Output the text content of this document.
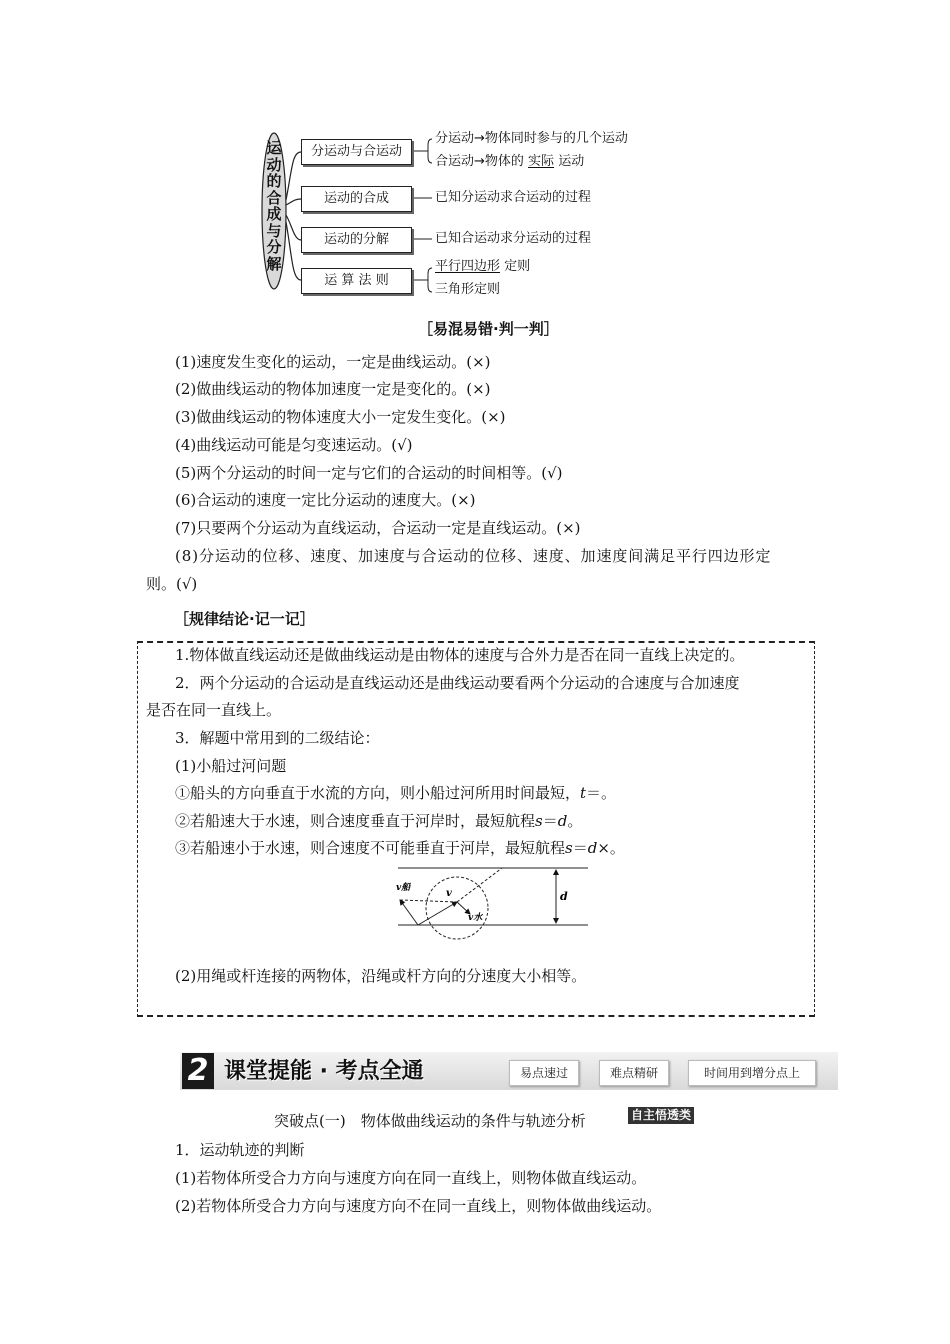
运动的合成与分解
分运动与合运动
分运动→物体同时参与的几个运动
合运动→物体的 实际 运动
运动的合成	已知分运动求合运动的过程
运动的分解	已知合运动求分运动的过程
运 算 法 则
平行四边形 定则
三角形定则
［易混易错·判一判］
(1)速度发生变化的运动，一定是曲线运动。(×)
(2)做曲线运动的物体加速度一定是变化的。(×)
(3)做曲线运动的物体速度大小一定发生变化。(×)
(4)曲线运动可能是匀变速运动。(√)
(5)两个分运动的时间一定与它们的合运动的时间相等。(√)
(6)合运动的速度一定比分运动的速度大。(×)
(7)只要两个分运动为直线运动，合运动一定是直线运动。(×)
(8)分运动的位移、速度、加速度与合运动的位移、速度、加速度间满足平行四边形定
则。(√)
［规律结论·记一记］
1.物体做直线运动还是做曲线运动是由物体的速度与合外力是否在同一直线上决定的。
2．两个分运动的合运动是直线运动还是曲线运动要看两个分运动的合速度与合加速度
是否在同一直线上。
3．解题中常用到的二级结论：
(1)小船过河问题
①船头的方向垂直于水流的方向，则小船过河所用时间最短，t＝。
②若船速大于水速，则合速度垂直于河岸时，最短航程s＝d。
③若船速小于水速，则合速度不可能垂直于河岸，最短航程s＝d×。
v船	v
v水
d
(2)用绳或杆连接的两物体，沿绳或杆方向的分速度大小相等。
2 课堂提能 · 考点全通	易点速过	难点精研	时间用到增分点上
突破点(一)　物体做曲线运动的条件与轨迹分析	自主悟透类
1．运动轨迹的判断
(1)若物体所受合力方向与速度方向在同一直线上，则物体做直线运动。
(2)若物体所受合力方向与速度方向不在同一直线上，则物体做曲线运动。
